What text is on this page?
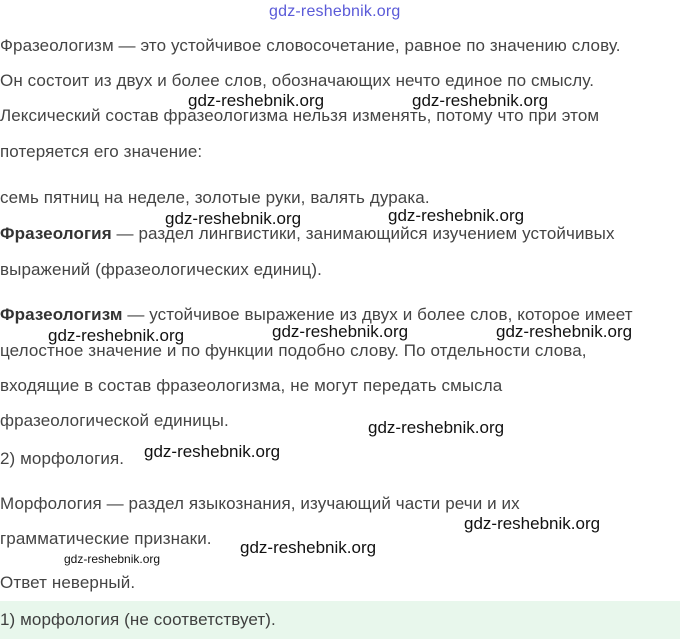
gdz-reshebnik.org
Фразеологизм — это устойчивое словосочетание, равное по значению слову.
Он состоит из двух и более слов, обозначающих нечто единое по смыслу.
Лексический состав фразеологизма нельзя изменять, потому что при этом
потеряется его значение:
семь пятниц на неделе, золотые руки, валять дурака.
Фразеология — раздел лингвистики, занимающийся изучением устойчивых
выражений (фразеологических единиц).
Фразеологизм — устойчивое выражение из двух и более слов, которое имеет
целостное значение и по функции подобно слову. По отдельности слова,
входящие в состав фразеологизма, не могут передать смысла
фразеологической единицы.
2) морфология.
Морфология — раздел языкознания, изучающий части речи и их
грамматические признаки.
Ответ неверный.
1) морфология (не соответствует).
gdz-reshebnik.org	gdz-reshebnik.org
gdz-reshebnik.org	gdz-reshebnik.org
gdz-reshebnik.org	gdz-reshebnik.org	gdz-reshebnik.org
gdz-reshebnik.org
gdz-reshebnik.org
gdz-reshebnik.org
gdz-reshebnik.org
gdz-reshebnik.org
